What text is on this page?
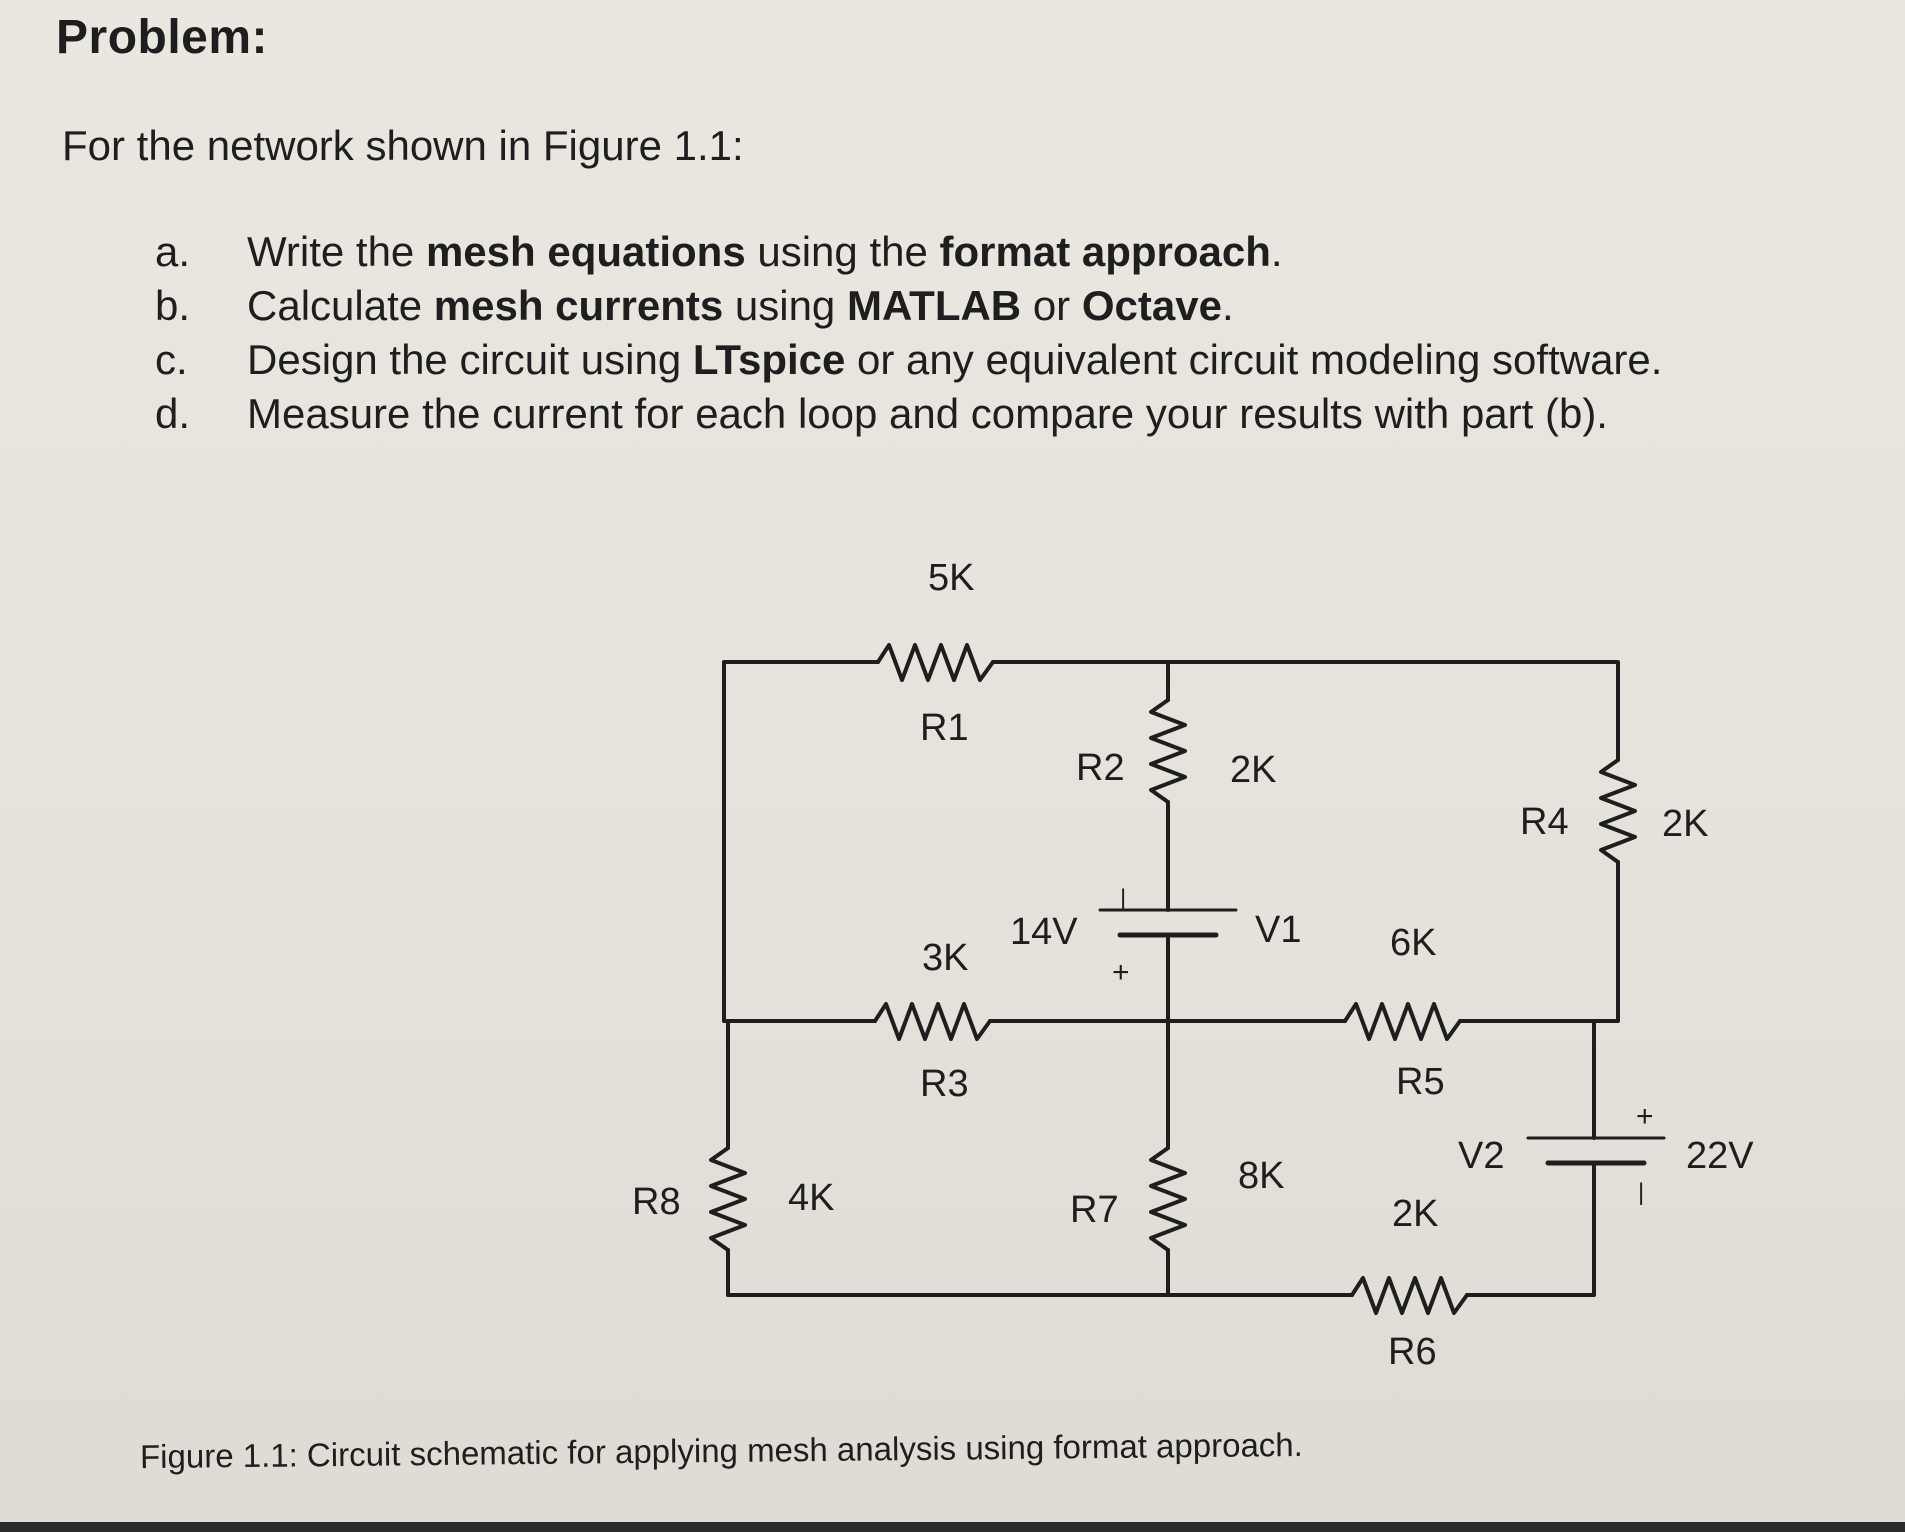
Problem:
For the network shown in Figure 1.1:
a.	Write the mesh equations using the format approach.
b.	Calculate mesh currents using MATLAB or Octave.
c.	Design the circuit using LTspice or any equivalent circuit modeling software.
d.	Measure the current for each loop and compare your results with part (b).
5K
R1
R2	2K
14V
+
|
V1
3K
R3
6K
R5
R4 2K
V2
+
|
22V
8K
R7	2K
R6
R8	4K
Figure 1.1: Circuit schematic for applying mesh analysis using format approach.
